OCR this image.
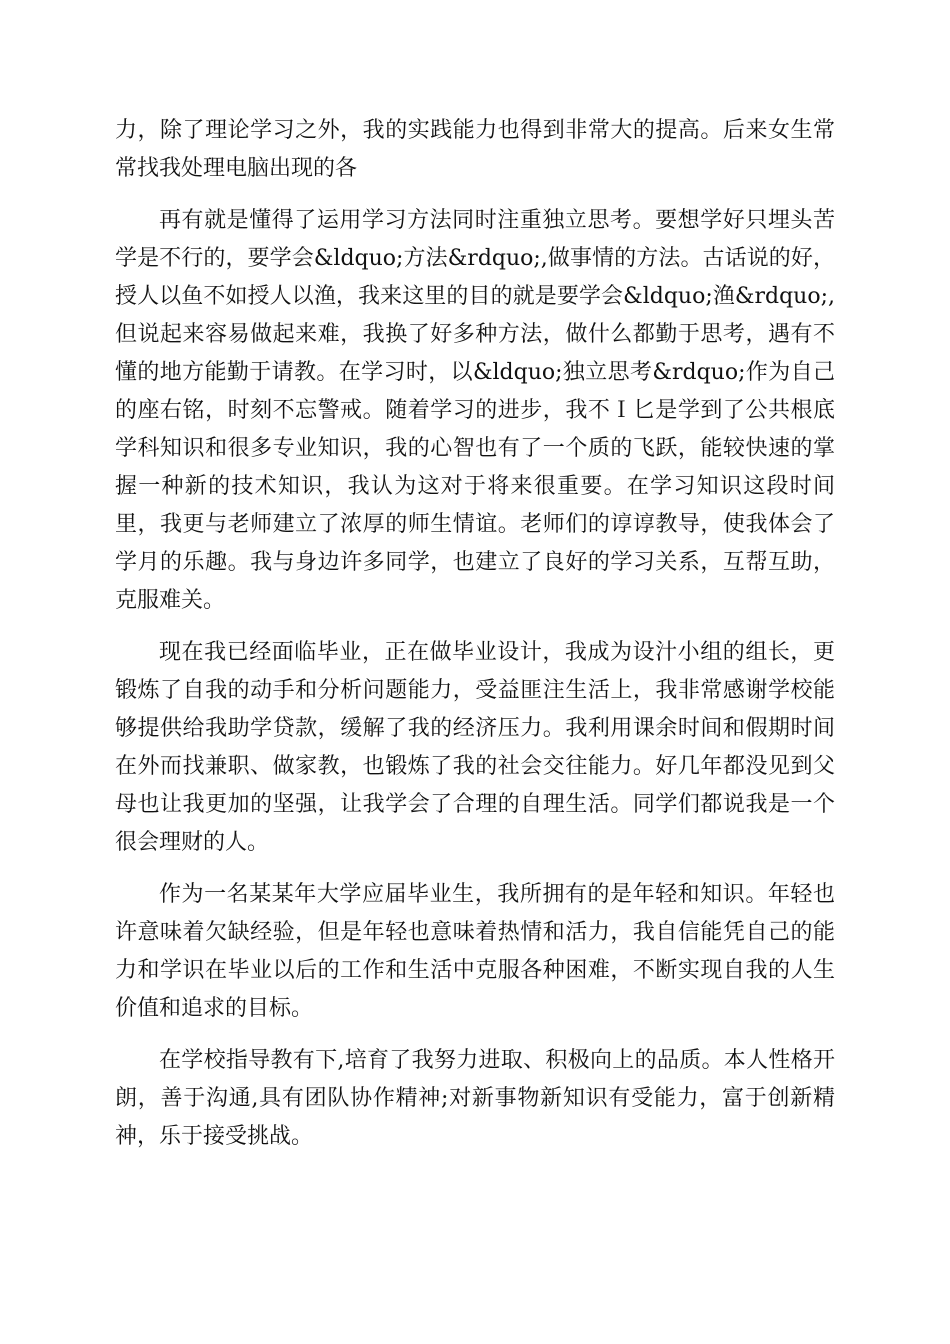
力，除了理论学习之外，我的实践能力也得到非常大的提高。后来女生常常找我处理电脑出现的各

再有就是懂得了运用学习方法同时注重独立思考。要想学好只埋头苦学是不行的，要学会&ldquo;方法&rdquo;,做事情的方法。古话说的好，授人以鱼不如授人以渔，我来这里的目的就是要学会&ldquo;渔&rdquo;,但说起来容易做起来难，我换了好多种方法，做什么都勤于思考，遇有不懂的地方能勤于请教。在学习时，以&ldquo;独立思考&rdquo;作为自己的座右铭，时刻不忘警戒。随着学习的进步，我不Ｉ匕是学到了公共根底学科知识和很多专业知识，我的心智也有了一个质的飞跃，能较快速的掌握一种新的技术知识，我认为这对于将来很重要。在学习知识这段时间里，我更与老师建立了浓厚的师生情谊。老师们的谆谆教导，使我体会了学月的乐趣。我与身边许多同学，也建立了良好的学习关系，互帮互助，克服难关。

现在我已经面临毕业，正在做毕业设计，我成为设汁小组的组长，更锻炼了自我的动手和分析问题能力，受益匪注生活上，我非常感谢学校能够提供给我助学贷款，缓解了我的经济压力。我利用课余时间和假期时间在外而找兼职、做家教，也锻炼了我的社会交往能力。好几年都没见到父母也让我更加的坚强，让我学会了合理的自理生活。同学们都说我是一个很会理财的人。

作为一名某某年大学应届毕业生，我所拥有的是年轻和知识。年轻也许意味着欠缺经验，但是年轻也意味着热情和活力，我自信能凭自己的能力和学识在毕业以后的工作和生活中克服各种困难，不断实现自我的人生价值和追求的目标。

在学校指导教有下,培育了我努力进取、积极向上的品质。本人性格开朗，善于沟通,具有团队协作精神;对新事物新知识有受能力，富于创新精神，乐于接受挑战。
